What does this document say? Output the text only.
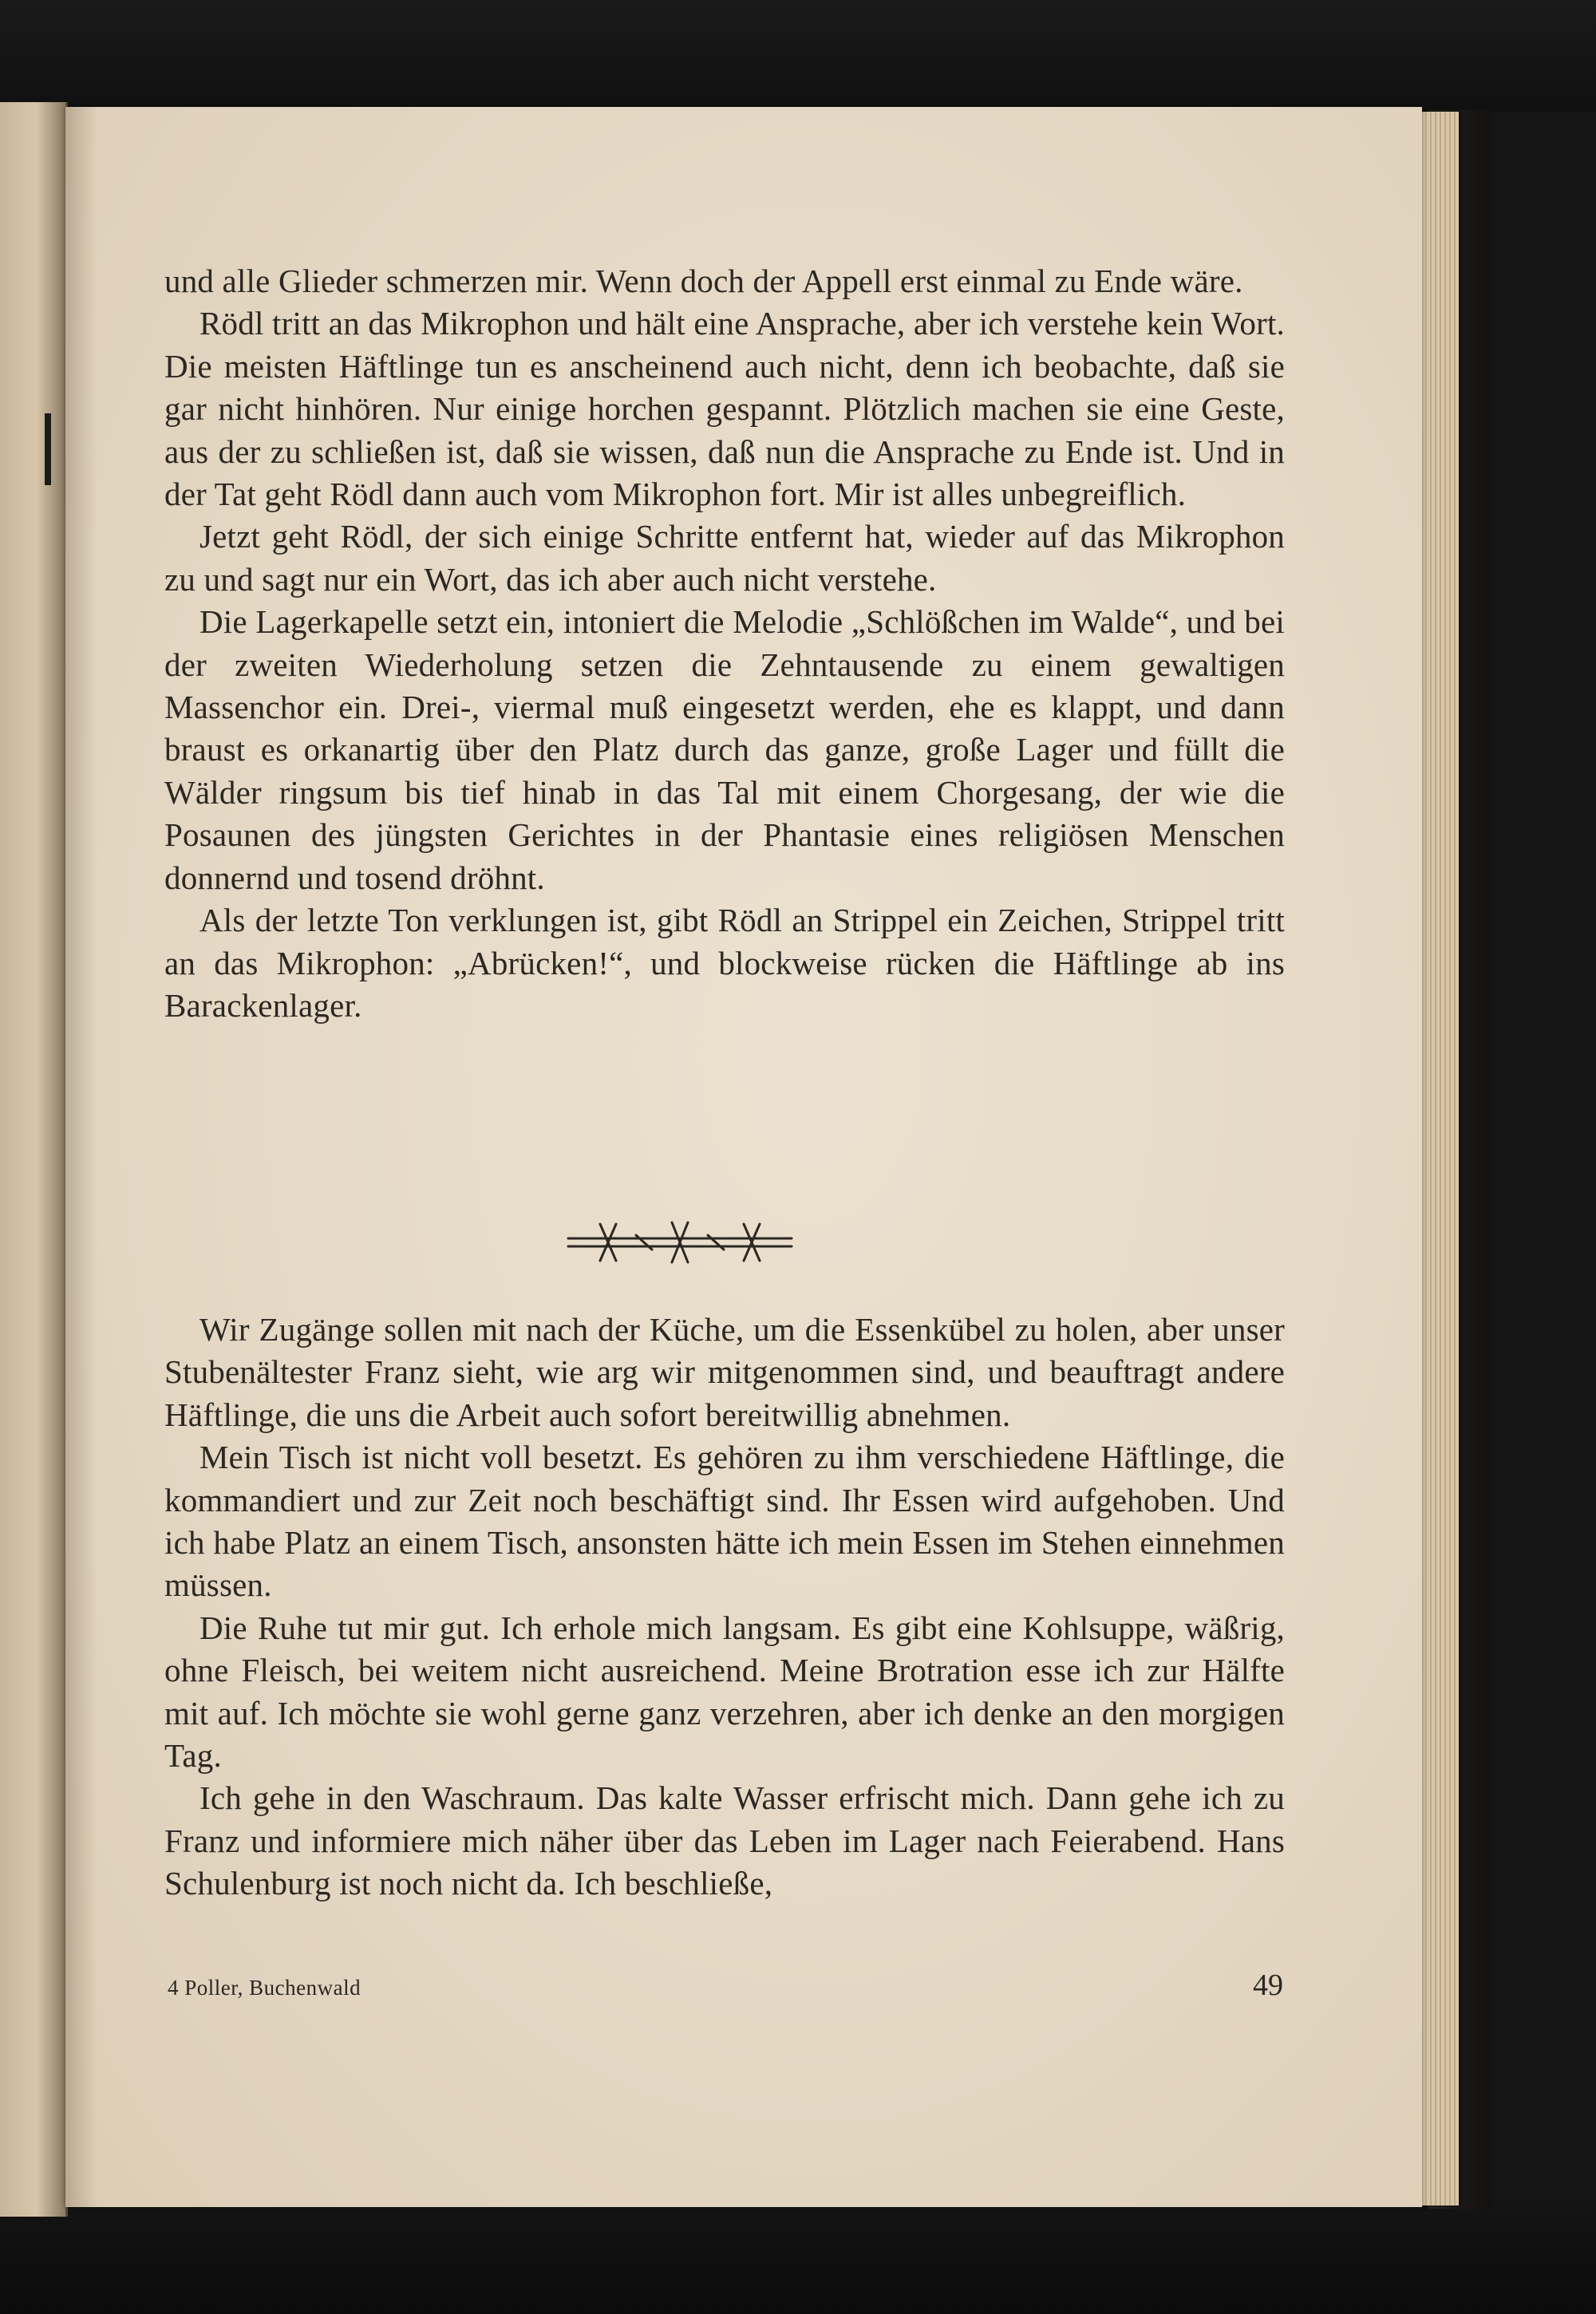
und alle Glieder schmerzen mir. Wenn doch der Appell erst einmal zu Ende wäre.

Rödl tritt an das Mikrophon und hält eine Ansprache, aber ich verstehe kein Wort. Die meisten Häftlinge tun es anscheinend auch nicht, denn ich beobachte, daß sie gar nicht hinhören. Nur einige horchen gespannt. Plötzlich machen sie eine Geste, aus der zu schließen ist, daß sie wissen, daß nun die Ansprache zu Ende ist. Und in der Tat geht Rödl dann auch vom Mikrophon fort. Mir ist alles unbegreiflich.

Jetzt geht Rödl, der sich einige Schritte entfernt hat, wieder auf das Mikrophon zu und sagt nur ein Wort, das ich aber auch nicht verstehe.

Die Lagerkapelle setzt ein, intoniert die Melodie „Schlößchen im Walde“, und bei der zweiten Wiederholung setzen die Zehntausende zu einem gewaltigen Massenchor ein. Drei-, viermal muß eingesetzt werden, ehe es klappt, und dann braust es orkanartig über den Platz durch das ganze, große Lager und füllt die Wälder ringsum bis tief hinab in das Tal mit einem Chorgesang, der wie die Posaunen des jüngsten Gerichtes in der Phantasie eines religiösen Menschen donnernd und tosend dröhnt.

Als der letzte Ton verklungen ist, gibt Rödl an Strippel ein Zeichen, Strippel tritt an das Mikrophon: „Abrücken!“, und blockweise rücken die Häftlinge ab ins Barackenlager.

Wir Zugänge sollen mit nach der Küche, um die Essenkübel zu holen, aber unser Stubenältester Franz sieht, wie arg wir mitgenommen sind, und beauftragt andere Häftlinge, die uns die Arbeit auch sofort bereitwillig abnehmen.

Mein Tisch ist nicht voll besetzt. Es gehören zu ihm verschiedene Häftlinge, die kommandiert und zur Zeit noch beschäftigt sind. Ihr Essen wird aufgehoben. Und ich habe Platz an einem Tisch, ansonsten hätte ich mein Essen im Stehen einnehmen müssen.

Die Ruhe tut mir gut. Ich erhole mich langsam. Es gibt eine Kohlsuppe, wäßrig, ohne Fleisch, bei weitem nicht ausreichend. Meine Brotration esse ich zur Hälfte mit auf. Ich möchte sie wohl gerne ganz verzehren, aber ich denke an den morgigen Tag.

Ich gehe in den Waschraum. Das kalte Wasser erfrischt mich. Dann gehe ich zu Franz und informiere mich näher über das Leben im Lager nach Feierabend. Hans Schulenburg ist noch nicht da. Ich beschließe,

4 Poller, Buchenwald	49
